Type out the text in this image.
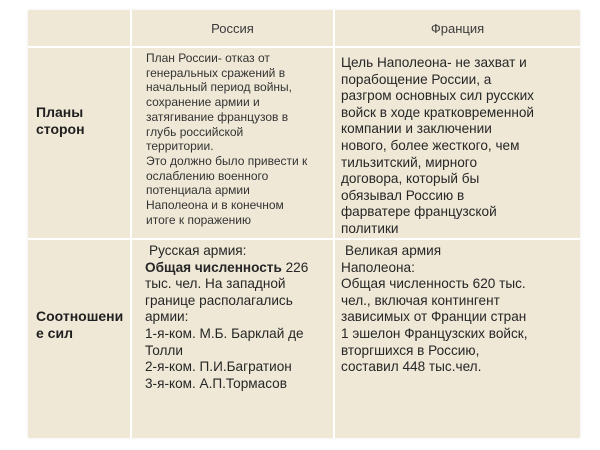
Россия	Франция
Планы
сторон
План России- отказ от
генеральных сражений в
начальный период войны,
сохранение армии и
затягивание французов в
глубь российской
территории.
Это должно было привести к
ослаблению военного
потенциала армии
Наполеона и в конечном
итоге к поражению
Цель Наполеона- не захват и
порабощение России, а
разгром основных сил русских
войск в ходе кратковременной
компании и заключении
нового, более жесткого, чем
тильзитский, мирного
договора, который бы
обязывал Россию в
фарватере французской
политики
Соотношени
е сил
Русская армия:
Общая численность 226
тыс. чел. На западной
границе располагались
армии:
1-я-ком. М.Б. Барклай де
Толли
2-я-ком. П.И.Багратион
3-я-ком. А.П.Тормасов
Великая армия
Наполеона:
Общая численность 620 тыс.
чел., включая контингент
зависимых от Франции стран
1 эшелон Французских войск,
вторгшихся в Россию,
составил 448 тыс.чел.
